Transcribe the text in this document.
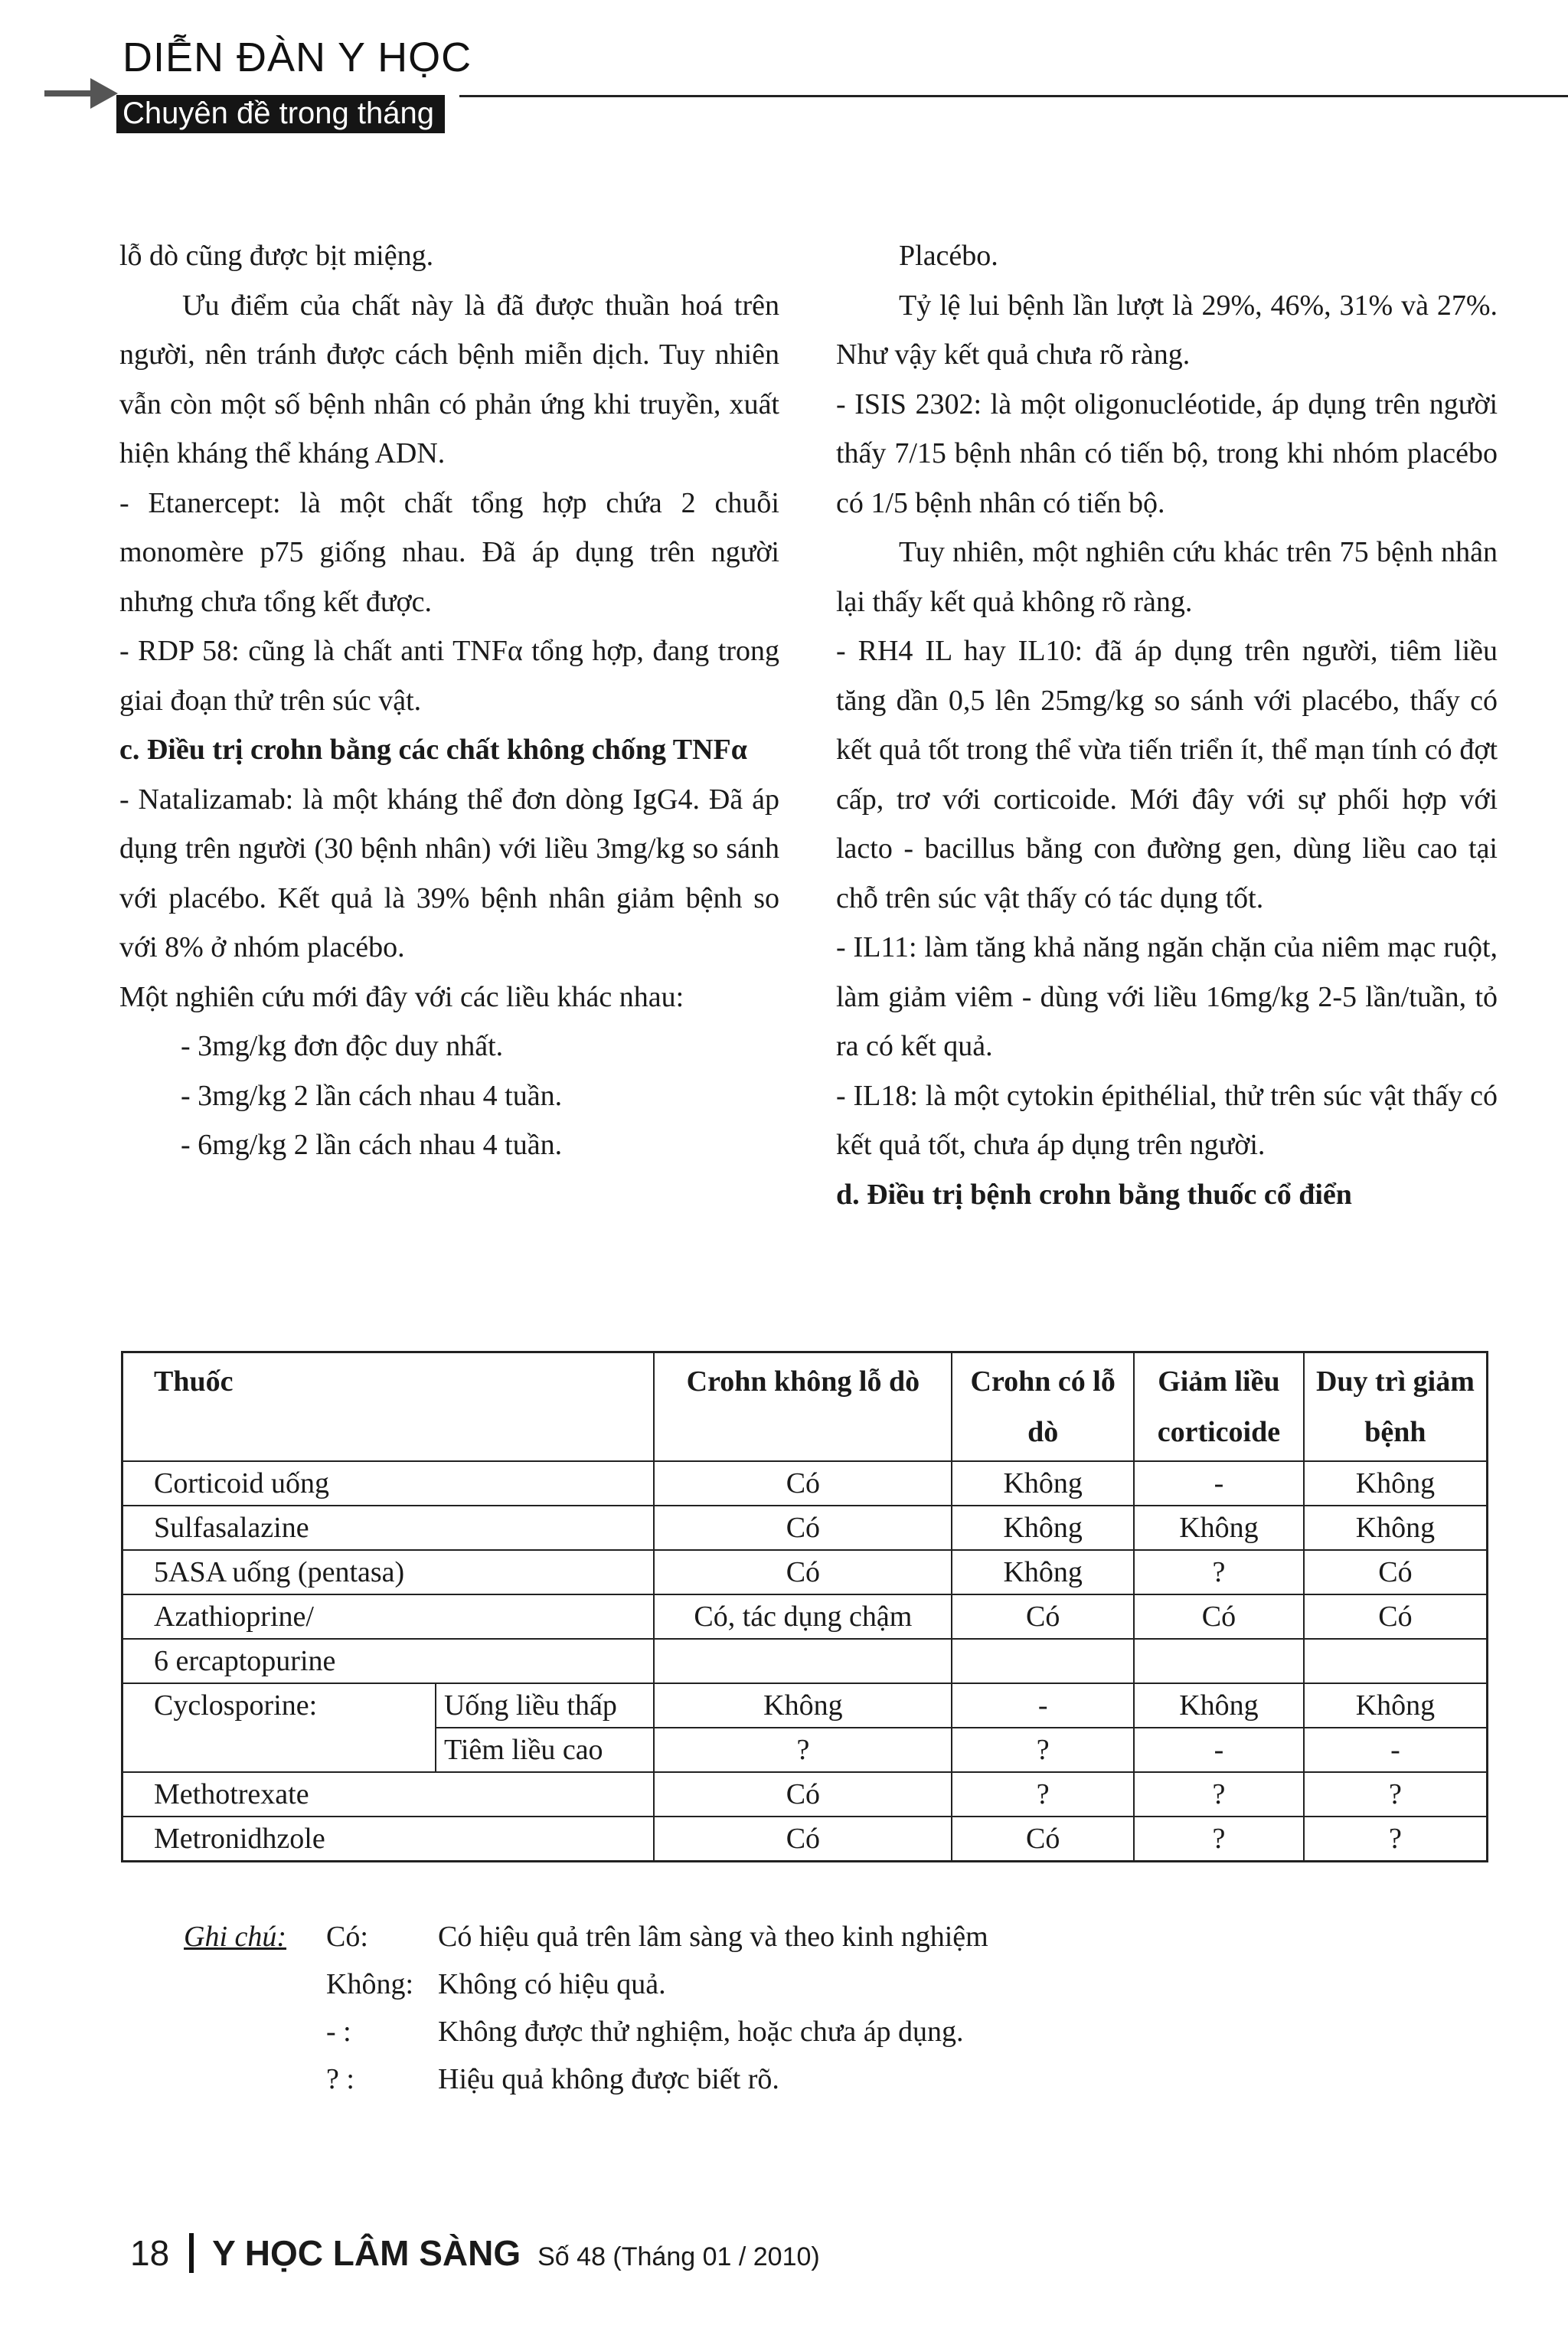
DIỄN ĐÀN Y HỌC
Chuyên đề trong tháng

lỗ dò cũng được bịt miệng.

Ưu điểm của chất này là đã được thuần hoá trên người, nên tránh được cách bệnh miễn dịch. Tuy nhiên vẫn còn một số bệnh nhân có phản ứng khi truyền, xuất hiện kháng thể kháng ADN.

- Etanercept: là một chất tổng hợp chứa 2 chuỗi monomère p75 giống nhau. Đã áp dụng trên người nhưng chưa tổng kết được.

- RDP 58: cũng là chất anti TNFα tổng hợp, đang trong giai đoạn thử trên súc vật.

c. Điều trị crohn bằng các chất không chống TNFα

- Natalizamab: là một kháng thể đơn dòng IgG4. Đã áp dụng trên người (30 bệnh nhân) với liều 3mg/kg so sánh với placébo. Kết quả là 39% bệnh nhân giảm bệnh so với 8% ở nhóm placébo.

Một nghiên cứu mới đây với các liều khác nhau:

- 3mg/kg đơn độc duy nhất.

- 3mg/kg 2 lần cách nhau 4 tuần.

- 6mg/kg 2 lần cách nhau 4 tuần.

Placébo.

Tỷ lệ lui bệnh lần lượt là 29%, 46%, 31% và 27%. Như vậy kết quả chưa rõ ràng.

- ISIS 2302: là một oligonucléotide, áp dụng trên người thấy 7/15 bệnh nhân có tiến bộ, trong khi nhóm placébo có 1/5 bệnh nhân có tiến bộ.

Tuy nhiên, một nghiên cứu khác trên 75 bệnh nhân lại thấy kết quả không rõ ràng.

- RH4 IL hay IL10: đã áp dụng trên người, tiêm liều tăng dần 0,5 lên 25mg/kg so sánh với placébo, thấy có kết quả tốt trong thể vừa tiến triển ít, thể mạn tính có đợt cấp, trơ với corticoide. Mới đây với sự phối hợp với lacto - bacillus bằng con đường gen, dùng liều cao tại chỗ trên súc vật thấy có tác dụng tốt.

- IL11: làm tăng khả năng ngăn chặn của niêm mạc ruột, làm giảm viêm - dùng với liều 16mg/kg 2-5 lần/tuần, tỏ ra có kết quả.

- IL18: là một cytokin épithélial, thử trên súc vật thấy có kết quả tốt, chưa áp dụng trên người.

d. Điều trị bệnh crohn bằng thuốc cổ điển

Thuốc		Crohn không lỗ dò	Crohn có lỗ dò	Giảm liều corticoide	Duy trì giảm bệnh
Corticoid uống		Có	Không	-	Không
Sulfasalazine		Có	Không	Không	Không
5ASA uống (pentasa)		Có	Không	?	Có
Azathioprine/		Có, tác dụng chậm	Có	Có	Có
6 ercaptopurine					
Cyclosporine:	Uống liều thấp	Không	-	Không	Không
	Tiêm liều cao	?	?	-	-
Methotrexate		Có	?	?	?
Metronidhzole		Có	Có	?	?
Ghi chú:	Có:	Có hiệu quả trên lâm sàng và theo kinh nghiệm
Không: Không có hiệu quả.
- :	Không được thử nghiệm, hoặc chưa áp dụng.
? :	Hiệu quả không được biết rõ.
18 Y HỌC LÂM SÀNG Số 48 (Tháng 01 / 2010)
